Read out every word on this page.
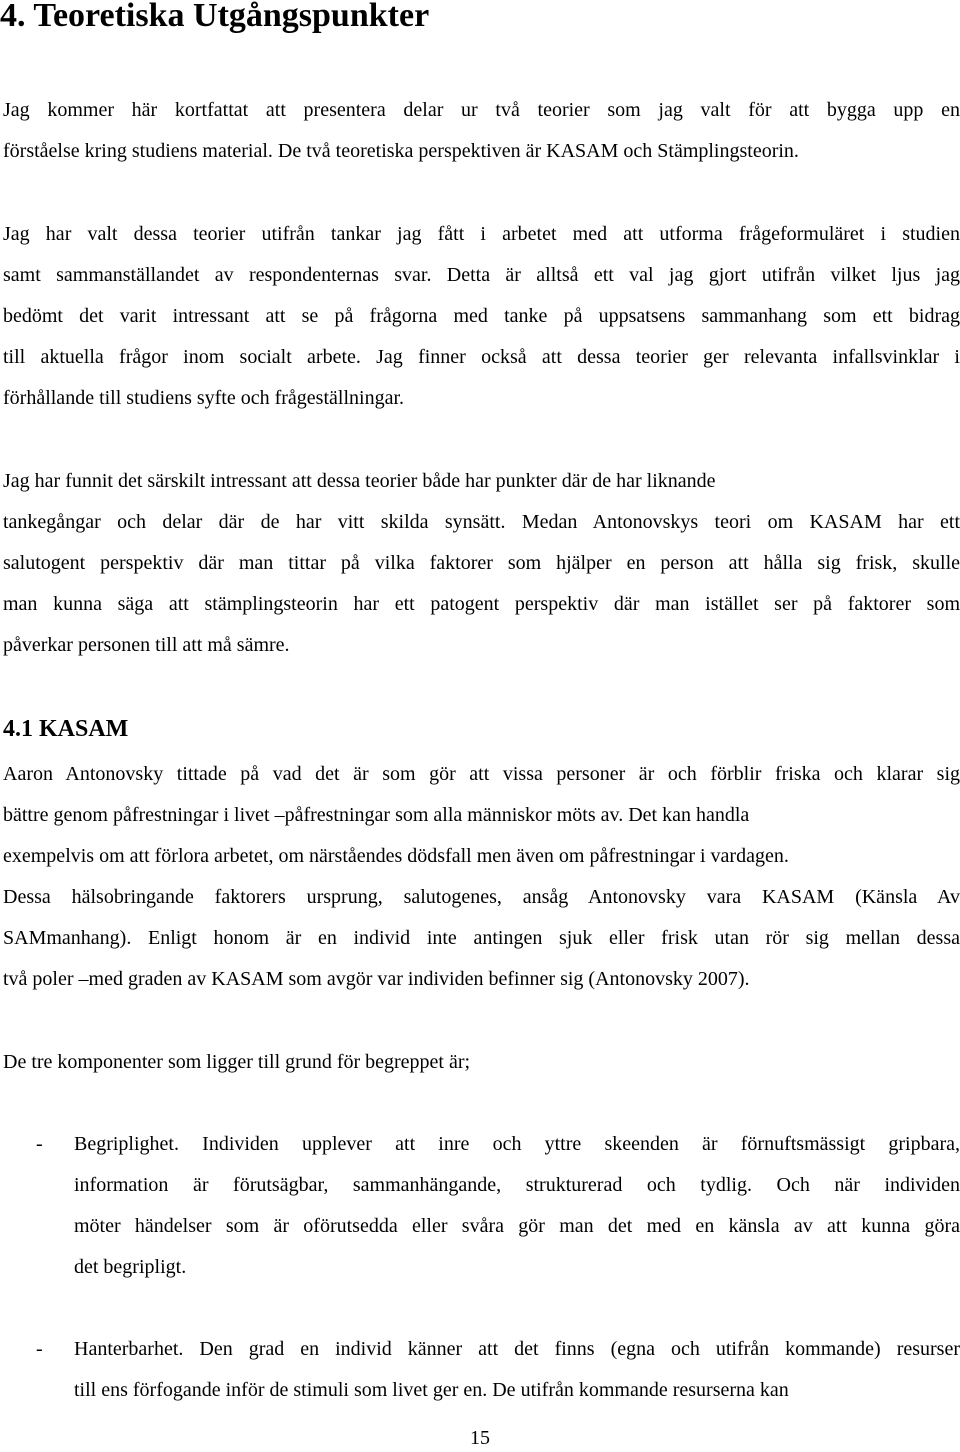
4. Teoretiska Utgångspunkter
Jag kommer här kortfattat att presentera delar ur två teorier som jag valt för att bygga upp en
förståelse kring studiens material. De två teoretiska perspektiven är KASAM och Stämplingsteorin.
Jag har valt dessa teorier utifrån tankar jag fått i arbetet med att utforma frågeformuläret i studien
samt sammanställandet av respondenternas svar. Detta är alltså ett val jag gjort utifrån vilket ljus jag
bedömt det varit intressant att se på frågorna med tanke på uppsatsens sammanhang som ett bidrag
till aktuella frågor inom socialt arbete. Jag finner också att dessa teorier ger relevanta infallsvinklar i
förhållande till studiens syfte och frågeställningar.
Jag har funnit det särskilt intressant att dessa teorier både har punkter där de har liknande
tankegångar och delar där de har vitt skilda synsätt. Medan Antonovskys teori om KASAM har ett
salutogent perspektiv där man tittar på vilka faktorer som hjälper en person att hålla sig frisk, skulle
man kunna säga att stämplingsteorin har ett patogent perspektiv där man istället ser på faktorer som
påverkar personen till att må sämre.
4.1 KASAM
Aaron Antonovsky tittade på vad det är som gör att vissa personer är och förblir friska och klarar sig
bättre genom påfrestningar i livet –påfrestningar som alla människor möts av. Det kan handla
exempelvis om att förlora arbetet, om närståendes dödsfall men även om påfrestningar i vardagen.
Dessa hälsobringande faktorers ursprung, salutogenes, ansåg Antonovsky vara KASAM (Känsla Av
SAMmanhang). Enligt honom är en individ inte antingen sjuk eller frisk utan rör sig mellan dessa
två poler –med graden av KASAM som avgör var individen befinner sig (Antonovsky 2007).
De tre komponenter som ligger till grund för begreppet är;
- Begriplighet. Individen upplever att inre och yttre skeenden är förnuftsmässigt gripbara,
information är förutsägbar, sammanhängande, strukturerad och tydlig. Och när individen
möter händelser som är oförutsedda eller svåra gör man det med en känsla av att kunna göra
det begripligt.
- Hanterbarhet. Den grad en individ känner att det finns (egna och utifrån kommande) resurser
till ens förfogande inför de stimuli som livet ger en. De utifrån kommande resurserna kan
15
